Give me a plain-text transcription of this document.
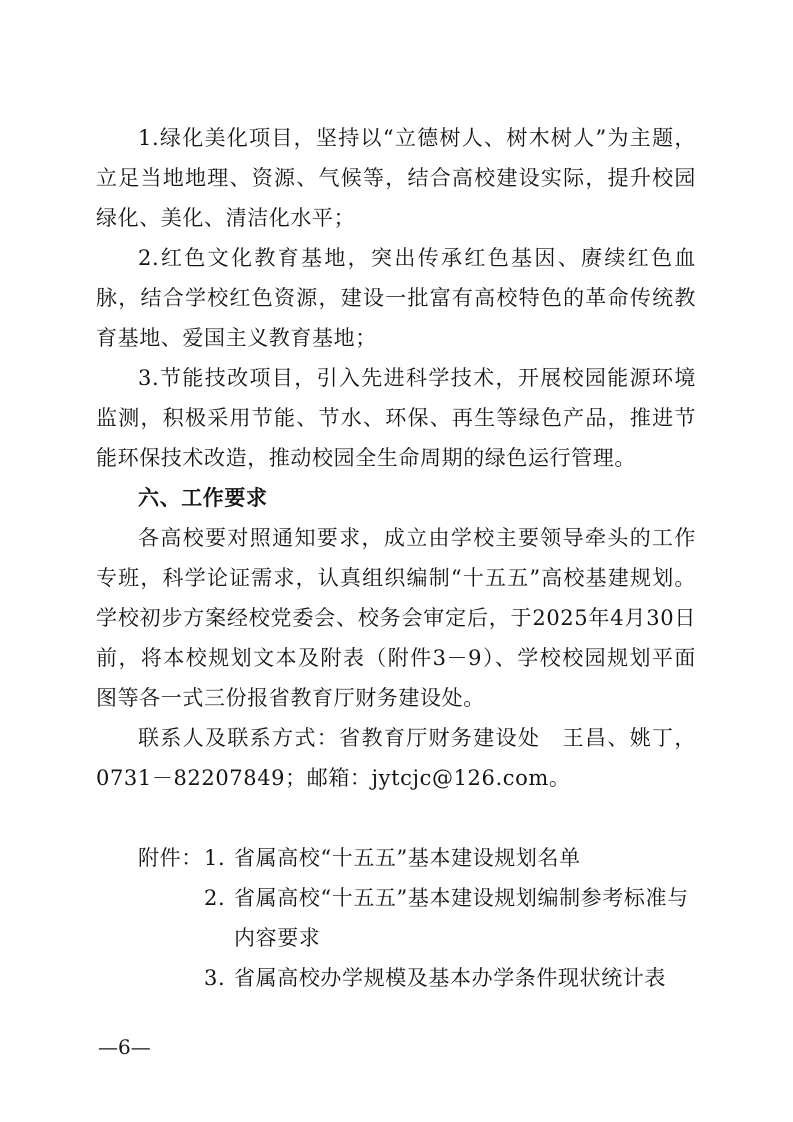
1.绿化美化项目，坚持以“立德树人、树木树人”为主题，立足当地地理、资源、气候等，结合高校建设实际，提升校园绿化、美化、清洁化水平；

2.红色文化教育基地，突出传承红色基因、赓续红色血脉，结合学校红色资源，建设一批富有高校特色的革命传统教育基地、爱国主义教育基地；

3.节能技改项目，引入先进科学技术，开展校园能源环境监测，积极采用节能、节水、环保、再生等绿色产品，推进节能环保技术改造，推动校园全生命周期的绿色运行管理。

六、工作要求

各高校要对照通知要求，成立由学校主要领导牵头的工作专班，科学论证需求，认真组织编制“十五五”高校基建规划。学校初步方案经校党委会、校务会审定后，于2025年4月30日前，将本校规划文本及附表（附件3－9）、学校校园规划平面图等各一式三份报省教育厅财务建设处。

联系人及联系方式：省教育厅财务建设处　王昌、姚丁，0731－82207849；邮箱：jytcjc@126.com。

附件： 1. 省属高校“十五五”基本建设规划名单
2. 省属高校“十五五”基本建设规划编制参考标准与内容要求
3. 省属高校办学规模及基本办学条件现状统计表
—6—
